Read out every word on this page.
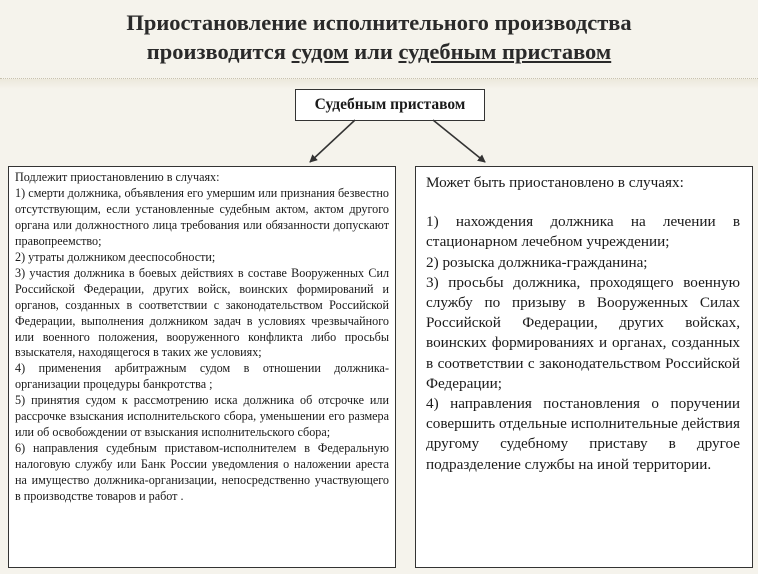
Приостановление исполнительного производства
производится судом или судебным приставом
Судебным приставом

Подлежит приостановлению в случаях:

1) смерти должника, объявления его умершим или признания безвестно отсутствующим, если установленные судебным актом, актом другого органа или должностного лица требования или обязанности допускают правопреемство;

2) утраты должником дееспособности;

3) участия должника в боевых действиях в составе Вооруженных Сил Российской Федерации, других войск, воинских формирований и органов, созданных в соответствии с законодательством Российской Федерации, выполнения должником задач в условиях чрезвычайного или военного положения, вооруженного конфликта либо просьбы взыскателя, находящегося в таких же условиях;

4) применения арбитражным судом в отношении должника-организации процедуры банкротства ;

5) принятия судом к рассмотрению иска должника об отсрочке или рассрочке взыскания исполнительского сбора, уменьшении его размера или об освобождении от взыскания исполнительского сбора;

6) направления судебным приставом-исполнителем в Федеральную налоговую службу или Банк России уведомления о наложении ареста на имущество должника-организации, непосредственно участвующего в производстве товаров и работ .

Может быть приостановлено в случаях:

1) нахождения должника на лечении в стационарном лечебном учреждении;

2) розыска должника-гражданина;

3) просьбы должника, проходящего военную службу по призыву в Вооруженных Силах Российской Федерации, других войсках, воинских формированиях и органах, созданных в соответствии с законодательством Российской Федерации;

4) направления постановления о поручении совершить отдельные исполнительные действия другому судебному приставу в другое подразделение службы на иной территории.
